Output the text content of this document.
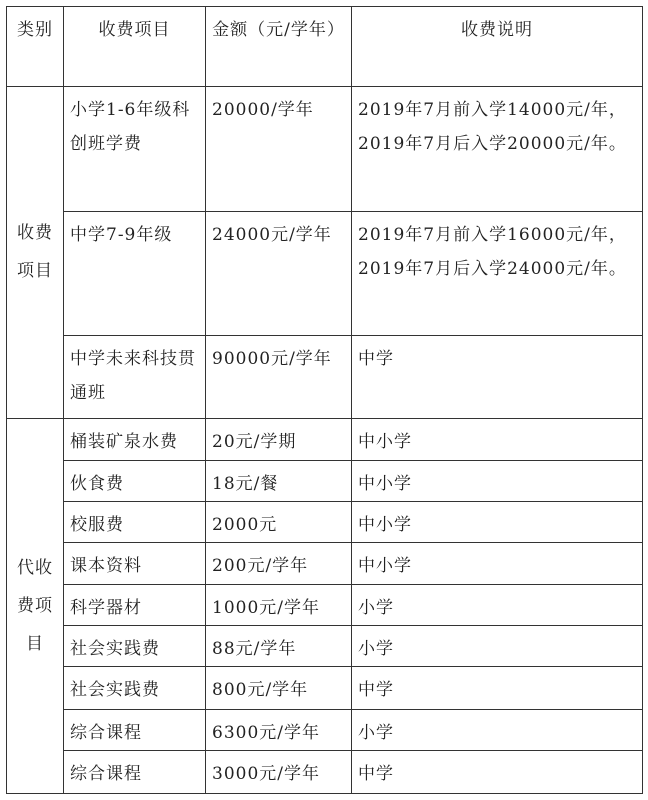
类别	收费项目	金额（元/学年）	收费说明

收费项目	小学1-6年级科创班学费	20000/学年	2019年7月前入学14000元/年，2019年7月后入学20000元/年。
	中学7-9年级	24000元/学年	2019年7月前入学16000元/年，2019年7月后入学24000元/年。
	中学未来科技贯通班	90000元/学年	中学

代收费项目	桶装矿泉水费	20元/学期	中小学
	伙食费	18元/餐	中小学
	校服费	2000元	中小学
	课本资料	200元/学年	中小学
	科学器材	1000元/学年	小学
	社会实践费	88元/学年	小学
	社会实践费	800元/学年	中学
	综合课程	6300元/学年	小学
	综合课程	3000元/学年	中学
